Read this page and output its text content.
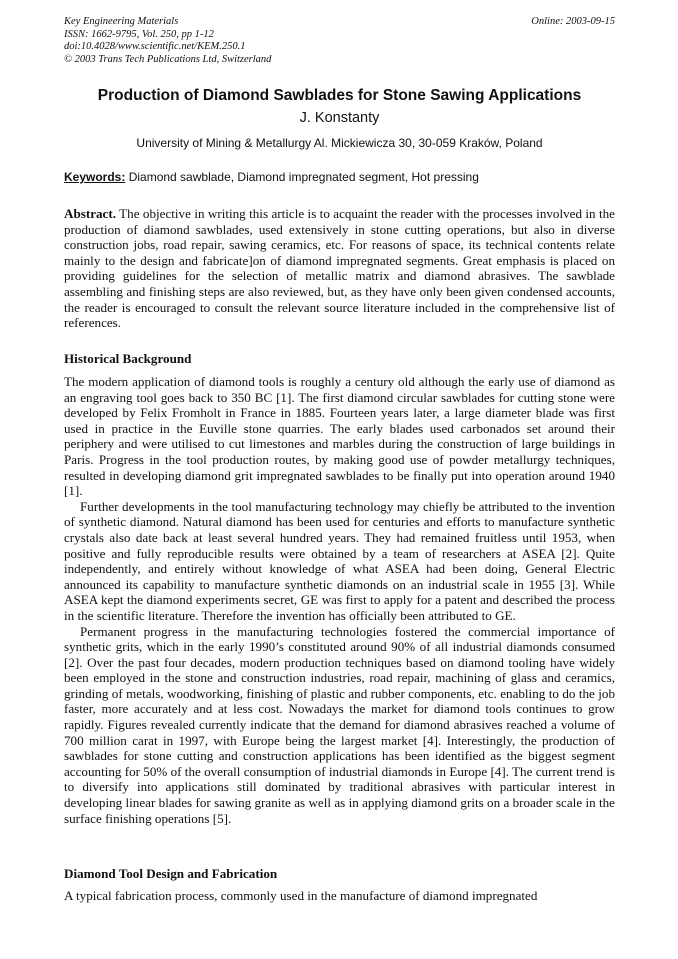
Key Engineering Materials
ISSN: 1662-9795, Vol. 250, pp 1-12
doi:10.4028/www.scientific.net/KEM.250.1
© 2003 Trans Tech Publications Ltd, Switzerland
Online: 2003-09-15
Production of Diamond Sawblades for Stone Sawing Applications
J. Konstanty
University of Mining & Metallurgy Al. Mickiewicza 30, 30-059 Kraków, Poland
Keywords: Diamond sawblade, Diamond impregnated segment, Hot pressing
Abstract. The objective in writing this article is to acquaint the reader with the processes involved in the production of diamond sawblades, used extensively in stone cutting operations, but also in diverse construction jobs, road repair, sawing ceramics, etc. For reasons of space, its technical contents relate mainly to the design and fabricate]on of diamond impregnated segments. Great emphasis is placed on providing guidelines for the selection of metallic matrix and diamond abrasives. The sawblade assembling and finishing steps are also reviewed, but, as they have only been given condensed accounts, the reader is encouraged to consult the relevant source literature included in the comprehensive list of references.
Historical Background

The modern application of diamond tools is roughly a century old although the early use of diamond as an engraving tool goes back to 350 BC [1]. The first diamond circular sawblades for cutting stone were developed by Felix Fromholt in France in 1885. Fourteen years later, a large diameter blade was first used in practice in the Euville stone quarries. The early blades used carbonados set around their periphery and were utilised to cut limestones and marbles during the construction of large buildings in Paris. Progress in the tool production routes, by making good use of powder metallurgy techniques, resulted in developing diamond grit impregnated sawblades to be finally put into operation around 1940 [1].

Further developments in the tool manufacturing technology may chiefly be attributed to the invention of synthetic diamond. Natural diamond has been used for centuries and efforts to manufacture synthetic crystals also date back at least several hundred years. They had remained fruitless until 1953, when positive and fully reproducible results were obtained by a team of researchers at ASEA [2]. Quite independently, and entirely without knowledge of what ASEA had been doing, General Electric announced its capability to manufacture synthetic diamonds on an industrial scale in 1955 [3]. While ASEA kept the diamond experiments secret, GE was first to apply for a patent and described the process in the scientific literature. Therefore the invention has officially been attributed to GE.

Permanent progress in the manufacturing technologies fostered the commercial importance of synthetic grits, which in the early 1990’s constituted around 90% of all industrial diamonds consumed [2]. Over the past four decades, modern production techniques based on diamond tooling have widely been employed in the stone and construction industries, road repair, machining of glass and ceramics, grinding of metals, woodworking, finishing of plastic and rubber components, etc. enabling to do the job faster, more accurately and at less cost. Nowadays the market for diamond tools continues to grow rapidly. Figures revealed currently indicate that the demand for diamond abrasives reached a volume of 700 million carat in 1997, with Europe being the largest market [4]. Interestingly, the production of sawblades for stone cutting and construction applications has been identified as the biggest segment accounting for 50% of the overall consumption of industrial diamonds in Europe [4]. The current trend is to diversify into applications still dominated by traditional abrasives with particular interest in developing linear blades for sawing granite as well as in applying diamond grits on a broader scale in the surface finishing operations [5].

Diamond Tool Design and Fabrication

A typical fabrication process, commonly used in the manufacture of diamond impregnated
